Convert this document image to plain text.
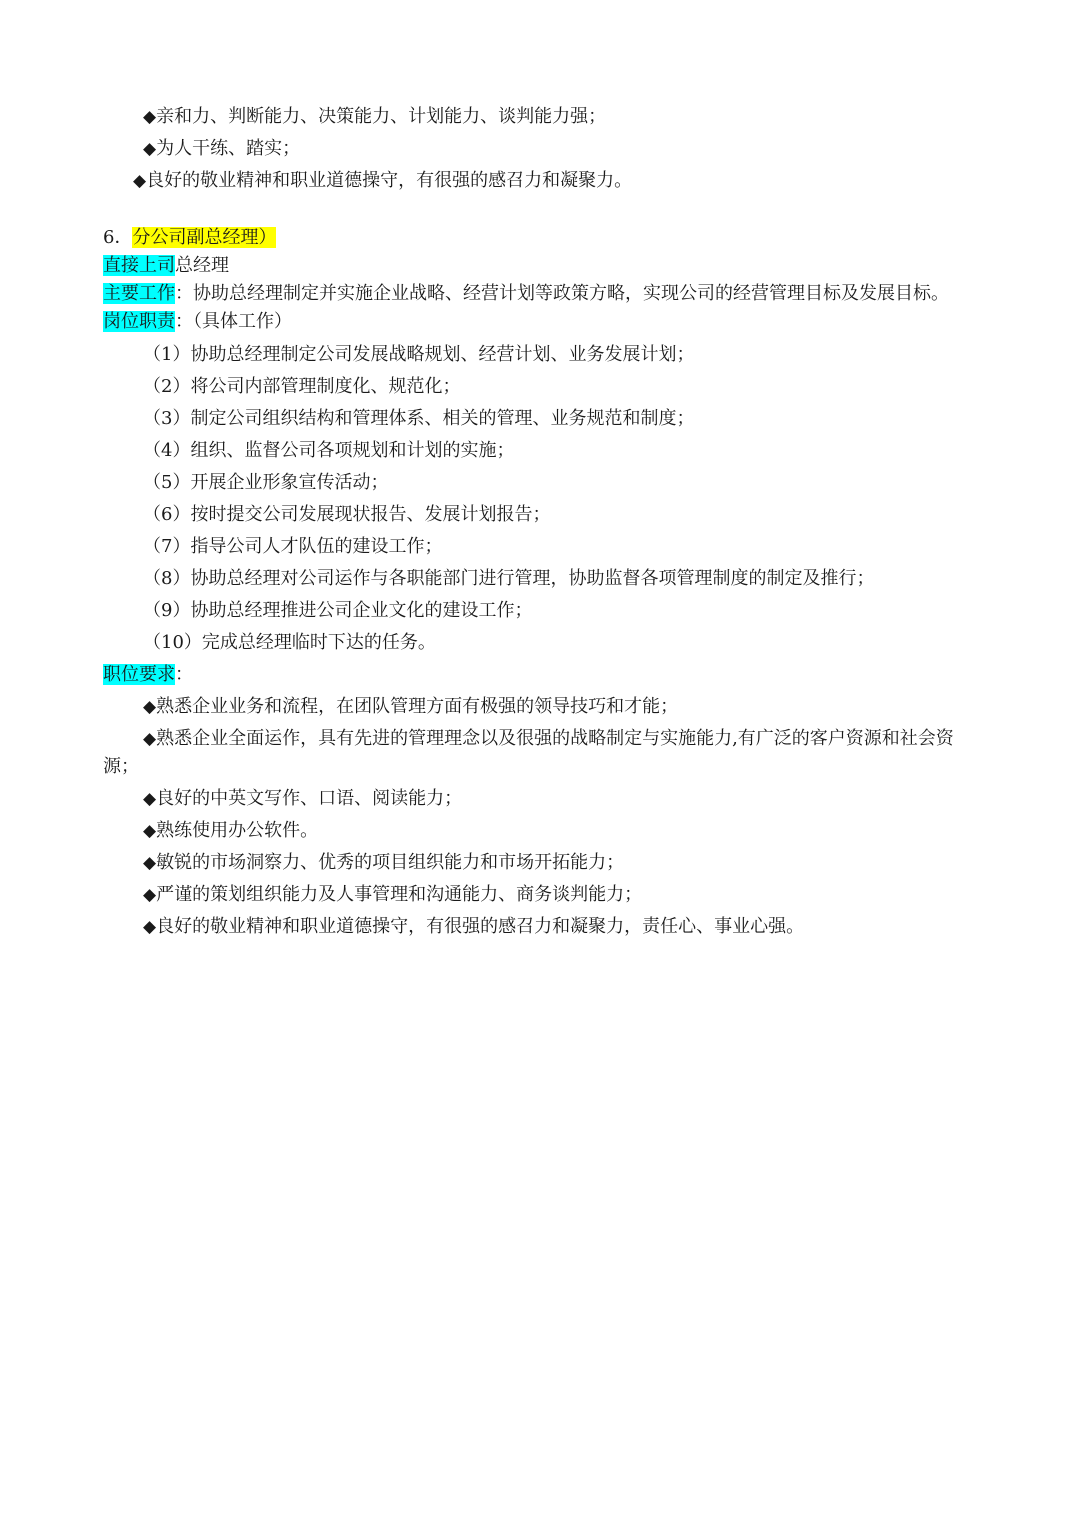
◆亲和力、判断能力、决策能力、计划能力、谈判能力强；
◆为人干练、踏实；
◆良好的敬业精神和职业道德操守，有很强的感召力和凝聚力。
6．分公司副总经理）
直接上司总经理
主要工作：协助总经理制定并实施企业战略、经营计划等政策方略，实现公司的经营管理目标及发展目标。
岗位职责：（具体工作）
（1）协助总经理制定公司发展战略规划、经营计划、业务发展计划；
（2）将公司内部管理制度化、规范化；
（3）制定公司组织结构和管理体系、相关的管理、业务规范和制度；
（4）组织、监督公司各项规划和计划的实施；
（5）开展企业形象宣传活动；
（6）按时提交公司发展现状报告、发展计划报告；
（7）指导公司人才队伍的建设工作；
（8）协助总经理对公司运作与各职能部门进行管理，协助监督各项管理制度的制定及推行；
（9）协助总经理推进公司企业文化的建设工作；
（10）完成总经理临时下达的任务。
职位要求：
◆熟悉企业业务和流程，在团队管理方面有极强的领导技巧和才能；
◆熟悉企业全面运作，具有先进的管理理念以及很强的战略制定与实施能力,有广泛的客户资源和社会资
源；
◆良好的中英文写作、口语、阅读能力；
◆熟练使用办公软件。
◆敏锐的市场洞察力、优秀的项目组织能力和市场开拓能力；
◆严谨的策划组织能力及人事管理和沟通能力、商务谈判能力；
◆良好的敬业精神和职业道德操守，有很强的感召力和凝聚力，责任心、事业心强。
